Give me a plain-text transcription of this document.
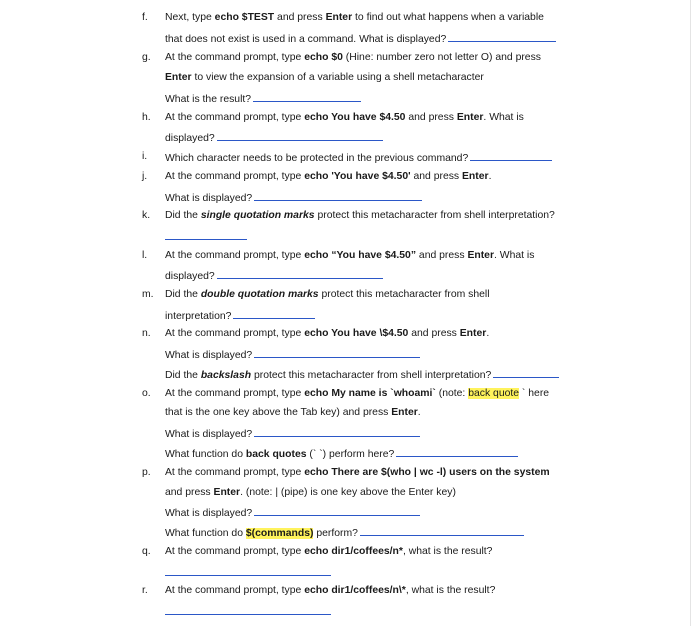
f.	Next, type echo $TEST and press Enter to find out what happens when a variable
that does not exist is used in a command. What is displayed?
g.	At the command prompt, type echo $0 (Hine: number zero not letter O) and press
Enter to view the expansion of a variable using a shell metacharacter
What is the result?
h.	At the command prompt, type echo You have $4.50 and press Enter. What is
displayed?
i.	Which character needs to be protected in the previous command?
j.	At the command prompt, type echo 'You have $4.50' and press Enter.
What is displayed?
k.	Did the single quotation marks protect this metacharacter from shell interpretation?
l.	At the command prompt, type echo “You have $4.50” and press Enter. What is
displayed?
m.	Did the double quotation marks protect this metacharacter from shell
interpretation?
n.	At the command prompt, type echo You have \$4.50 and press Enter.
What is displayed?
Did the backslash protect this metacharacter from shell interpretation?
o.	At the command prompt, type echo My name is `whoami` (note: back quote ` here
that is the one key above the Tab key) and press Enter.
What is displayed?
What function do back quotes (` `) perform here?
p.	At the command prompt, type echo There are $(who | wc -l) users on the system
and press Enter. (note: | (pipe) is one key above the Enter key)
What is displayed?
What function do $(commands) perform?
q.	At the command prompt, type echo dir1/coffees/n*, what is the result?
r.	At the command prompt, type echo dir1/coffees/n\*, what is the result?
